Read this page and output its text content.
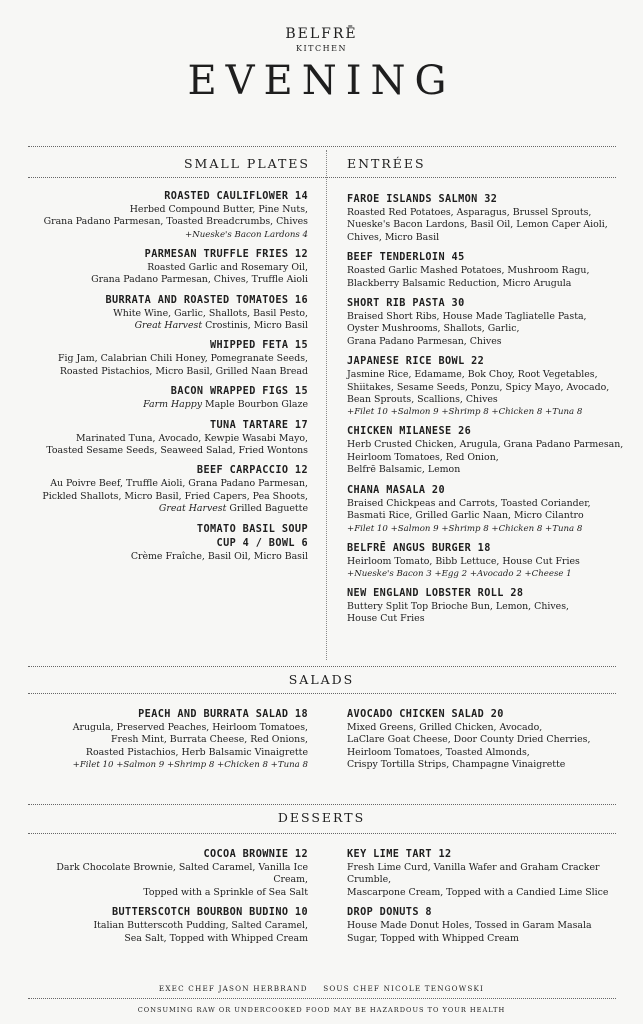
BELFRĒ
KITCHEN
EVENING
SMALL PLATES	ENTRÉES
ROASTED CAULIFLOWER 14
Herbed Compound Butter, Pine Nuts,
Grana Padano Parmesan, Toasted Breadcrumbs, Chives
+Nueske's Bacon Lardons 4
PARMESAN TRUFFLE FRIES 12
Roasted Garlic and Rosemary Oil,
Grana Padano Parmesan, Chives, Truffle Aioli
BURRATA AND ROASTED TOMATOES 16
White Wine, Garlic, Shallots, Basil Pesto,
Great Harvest Crostinis, Micro Basil
WHIPPED FETA 15
Fig Jam, Calabrian Chili Honey, Pomegranate Seeds,
Roasted Pistachios, Micro Basil, Grilled Naan Bread
BACON WRAPPED FIGS 15
Farm Happy Maple Bourbon Glaze
TUNA TARTARE 17
Marinated Tuna, Avocado, Kewpie Wasabi Mayo,
Toasted Sesame Seeds, Seaweed Salad, Fried Wontons
BEEF CARPACCIO 12
Au Poivre Beef, Truffle Aioli, Grana Padano Parmesan,
Pickled Shallots, Micro Basil, Fried Capers, Pea Shoots,
Great Harvest Grilled Baguette
TOMATO BASIL SOUP
CUP 4 / BOWL 6
Crème Fraîche, Basil Oil, Micro Basil
FAROE ISLANDS SALMON 32
Roasted Red Potatoes, Asparagus, Brussel Sprouts,
Nueske's Bacon Lardons, Basil Oil, Lemon Caper Aioli,
Chives, Micro Basil
BEEF TENDERLOIN 45
Roasted Garlic Mashed Potatoes, Mushroom Ragu,
Blackberry Balsamic Reduction, Micro Arugula
SHORT RIB PASTA 30
Braised Short Ribs, House Made Tagliatelle Pasta,
Oyster Mushrooms, Shallots, Garlic,
Grana Padano Parmesan, Chives
JAPANESE RICE BOWL 22
Jasmine Rice, Edamame, Bok Choy, Root Vegetables,
Shiitakes, Sesame Seeds, Ponzu, Spicy Mayo, Avocado,
Bean Sprouts, Scallions, Chives
+Filet 10 +Salmon 9 +Shrimp 8 +Chicken 8 +Tuna 8
CHICKEN MILANESE 26
Herb Crusted Chicken, Arugula, Grana Padano Parmesan,
Heirloom Tomatoes, Red Onion,
Belfrē Balsamic, Lemon
CHANA MASALA 20
Braised Chickpeas and Carrots, Toasted Coriander,
Basmati Rice, Grilled Garlic Naan, Micro Cilantro
+Filet 10 +Salmon 9 +Shrimp 8 +Chicken 8 +Tuna 8
BELFRĒ ANGUS BURGER 18
Heirloom Tomato, Bibb Lettuce, House Cut Fries
+Nueske's Bacon 3 +Egg 2 +Avocado 2 +Cheese 1
NEW ENGLAND LOBSTER ROLL 28
Buttery Split Top Brioche Bun, Lemon, Chives,
House Cut Fries
SALADS
PEACH AND BURRATA SALAD 18
Arugula, Preserved Peaches, Heirloom Tomatoes,
Fresh Mint, Burrata Cheese, Red Onions,
Roasted Pistachios, Herb Balsamic Vinaigrette
+Filet 10 +Salmon 9 +Shrimp 8 +Chicken 8 +Tuna 8
AVOCADO CHICKEN SALAD 20
Mixed Greens, Grilled Chicken, Avocado,
LaClare Goat Cheese, Door County Dried Cherries,
Heirloom Tomatoes, Toasted Almonds,
Crispy Tortilla Strips, Champagne Vinaigrette
DESSERTS
COCOA BROWNIE 12
Dark Chocolate Brownie, Salted Caramel, Vanilla Ice Cream,
Topped with a Sprinkle of Sea Salt
BUTTERSCOTCH BOURBON BUDINO 10
Italian Butterscoth Pudding, Salted Caramel,
Sea Salt, Topped with Whipped Cream
KEY LIME TART 12
Fresh Lime Curd, Vanilla Wafer and Graham Cracker Crumble,
Mascarpone Cream, Topped with a Candied Lime Slice
DROP DONUTS 8
House Made Donut Holes, Tossed in Garam Masala
Sugar, Topped with Whipped Cream
EXEC CHEF JASON HERBRAND SOUS CHEF NICOLE TENGOWSKI
CONSUMING RAW OR UNDERCOOKED FOOD MAY BE HAZARDOUS TO YOUR HEALTH
